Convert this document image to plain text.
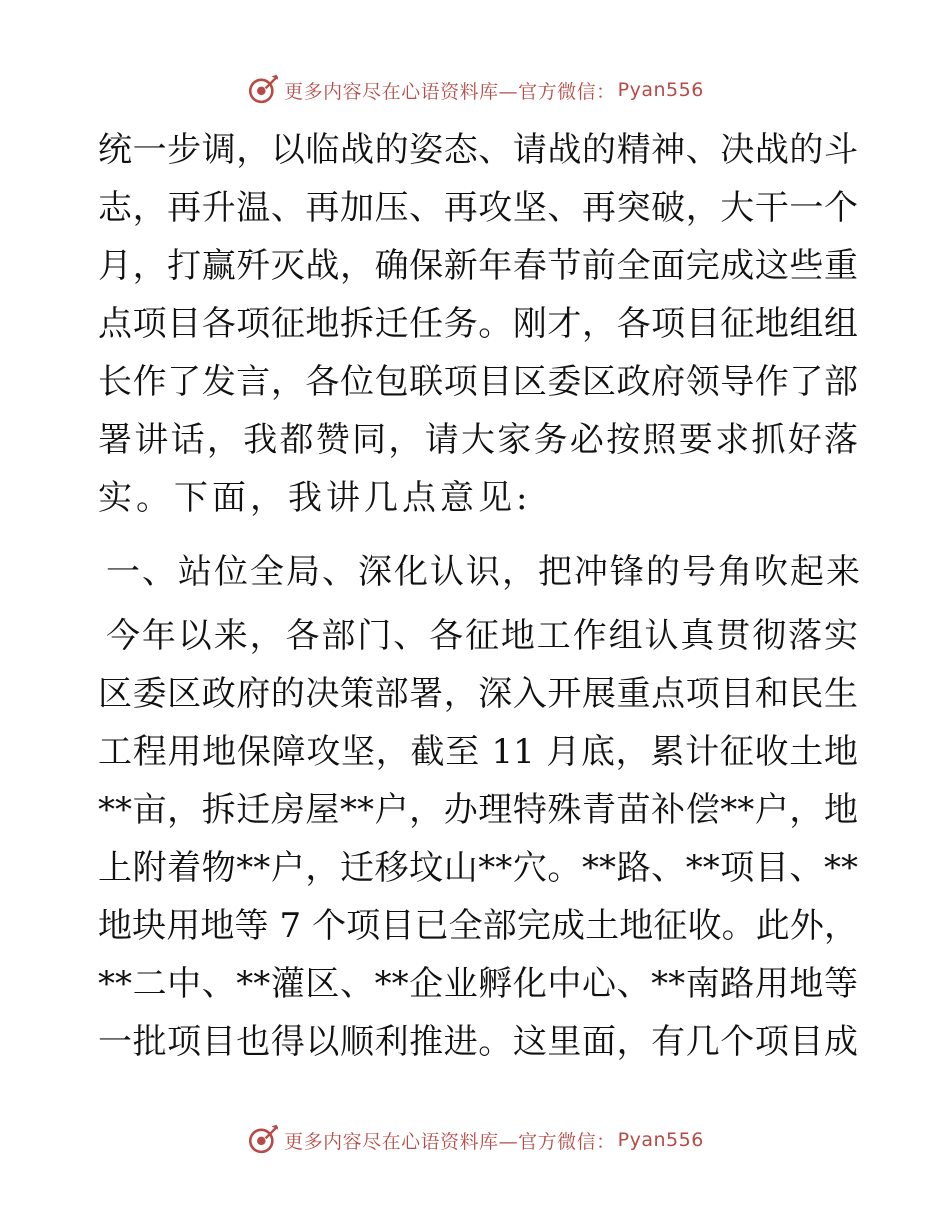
更多内容尽在心语资料库—官方微信： Pyan556
统一步调，以临战的姿态、请战的精神、决战的斗
志，再升温、再加压、再攻坚、再突破，大干一个
月，打赢歼灭战，确保新年春节前全面完成这些重
点项目各项征地拆迁任务。刚才，各项目征地组组
长作了发言，各位包联项目区委区政府领导作了部
署讲话，我都赞同，请大家务必按照要求抓好落
实。下面，我讲几点意见:
一、站位全局、深化认识，把冲锋的号角吹起来
今年以来，各部门、各征地工作组认真贯彻落实
区委区政府的决策部署，深入开展重点项目和民生
工程用地保障攻坚，截至 11 月底，累计征收土地
**亩，拆迁房屋**户，办理特殊青苗补偿**户，地
上附着物**户，迁移坟山**穴。**路、**项目、**
地块用地等 7 个项目已全部完成土地征收。此外，
**二中、**灌区、**企业孵化中心、**南路用地等
一批项目也得以顺利推进。这里面，有几个项目成
更多内容尽在心语资料库—官方微信： Pyan556
